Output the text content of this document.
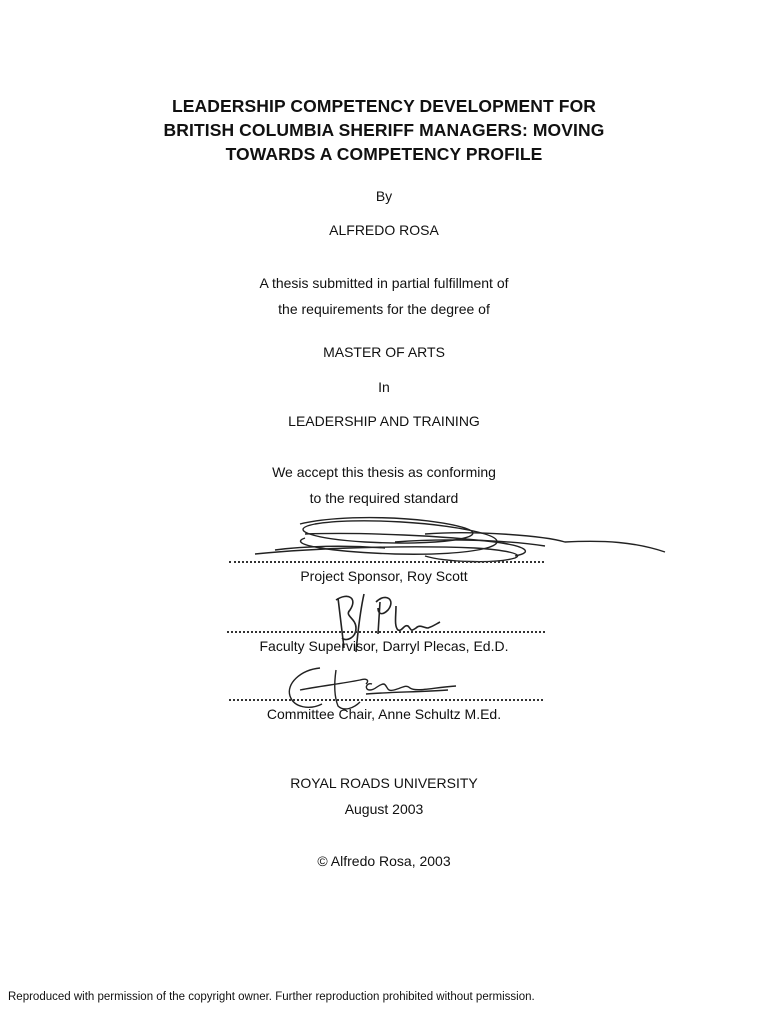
LEADERSHIP COMPETENCY DEVELOPMENT FOR
BRITISH COLUMBIA SHERIFF MANAGERS: MOVING
TOWARDS A COMPETENCY PROFILE
By
ALFREDO ROSA
A thesis submitted in partial fulfillment of
the requirements for the degree of
MASTER OF ARTS
In
LEADERSHIP AND TRAINING
We accept this thesis as conforming
to the required standard
Project Sponsor, Roy Scott
Faculty Supervisor, Darryl Plecas, Ed.D.
Committee Chair, Anne Schultz M.Ed.
ROYAL ROADS UNIVERSITY
August 2003
© Alfredo Rosa, 2003
Reproduced with permission of the copyright owner. Further reproduction prohibited without permission.
